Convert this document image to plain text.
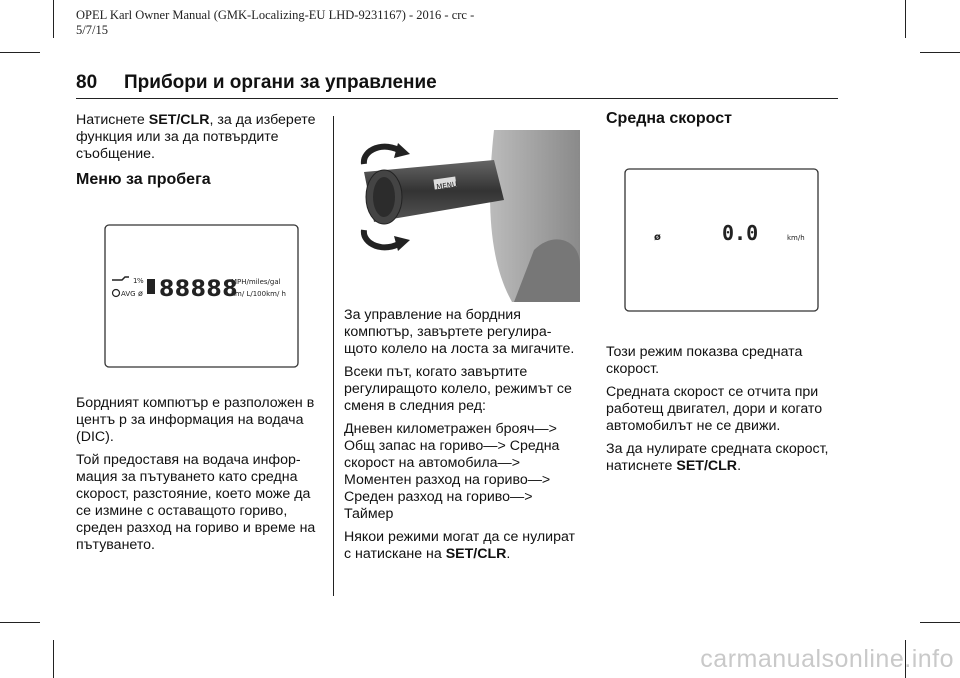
OPEL Karl Owner Manual (GMK-Localizing-EU LHD-9231167) - 2016 - crc -
5/7/15
80 Прибори и органи за управление

Натиснете SET/CLR, за да изберете функция или за да потвърдите съобщение.

Меню за пробега
1 %
AVG ø 88888
MPH/miles/gal
km/ L/100km/ h

Бордният компютър е разположен в центъ р за информация на водача (DIC).

Той предоставя на водача инфор- мация за пътуването като средна скорост, разстояние, което може да се измине с оставащото гориво, среден разход на гориво и време на пътуването.

MENU

За управление на бордния компютър, завъртете регулира- щото колело на лоста за мигачите.

Всеки път, когато завъртите регулиращото колело, режимът се сменя в следния ред:

Дневен километражен брояч—> Общ запас на гориво—> Средна скорост на автомобила—> Моментен разход на гориво—> Среден разход на гориво—> Таймер

Някои режими могат да се нулират с натискане на SET/CLR.

Средна скорост
ø	0.0	km/h

Този режим показва средната скорост.

Средната скорост се отчита при работещ двигател, дори и когато автомобилът не се движи.

За да нулирате средната скорост, натиснете SET/CLR.

carmanualsonline.info
